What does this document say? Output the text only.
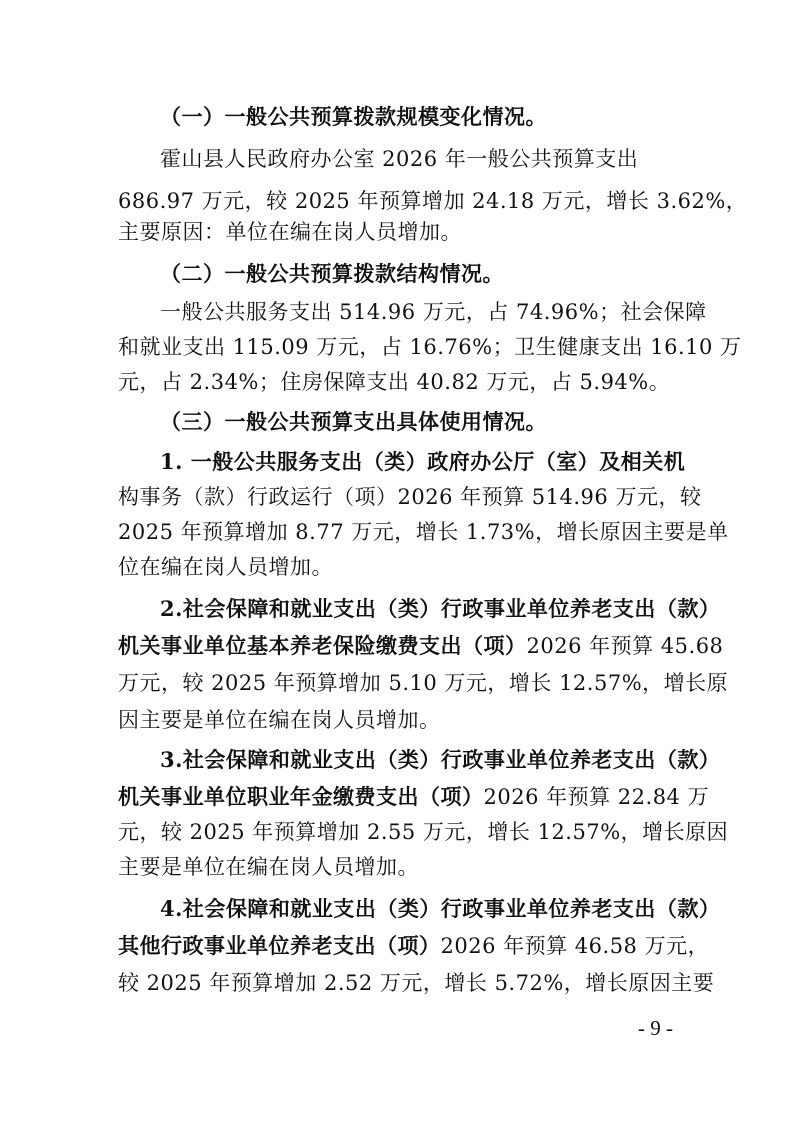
（一）一般公共预算拨款规模变化情况。
霍山县人民政府办公室 2026 年一般公共预算支出
686.97 万元，较 2025 年预算增加 24.18 万元，增长 3.62%，
主要原因：单位在编在岗人员增加。
（二）一般公共预算拨款结构情况。
一般公共服务支出 514.96 万元，占 74.96%；社会保障
和就业支出 115.09 万元，占 16.76%；卫生健康支出 16.10 万
元，占 2.34%；住房保障支出 40.82 万元，占 5.94%。
（三）一般公共预算支出具体使用情况。
1. 一般公共服务支出（类）政府办公厅（室）及相关机
构事务（款）行政运行（项）2026 年预算 514.96 万元，较
2025 年预算增加 8.77 万元，增长 1.73%，增长原因主要是单
位在编在岗人员增加。
2.社会保障和就业支出（类）行政事业单位养老支出（款）
机关事业单位基本养老保险缴费支出（项）2026 年预算 45.68
万元，较 2025 年预算增加 5.10 万元，增长 12.57%，增长原
因主要是单位在编在岗人员增加。
3.社会保障和就业支出（类）行政事业单位养老支出（款）
机关事业单位职业年金缴费支出（项）2026 年预算 22.84 万
元，较 2025 年预算增加 2.55 万元，增长 12.57%，增长原因
主要是单位在编在岗人员增加。
4.社会保障和就业支出（类）行政事业单位养老支出（款）
其他行政事业单位养老支出（项）2026 年预算 46.58 万元，
较 2025 年预算增加 2.52 万元，增长 5.72%，增长原因主要
- 9 -
